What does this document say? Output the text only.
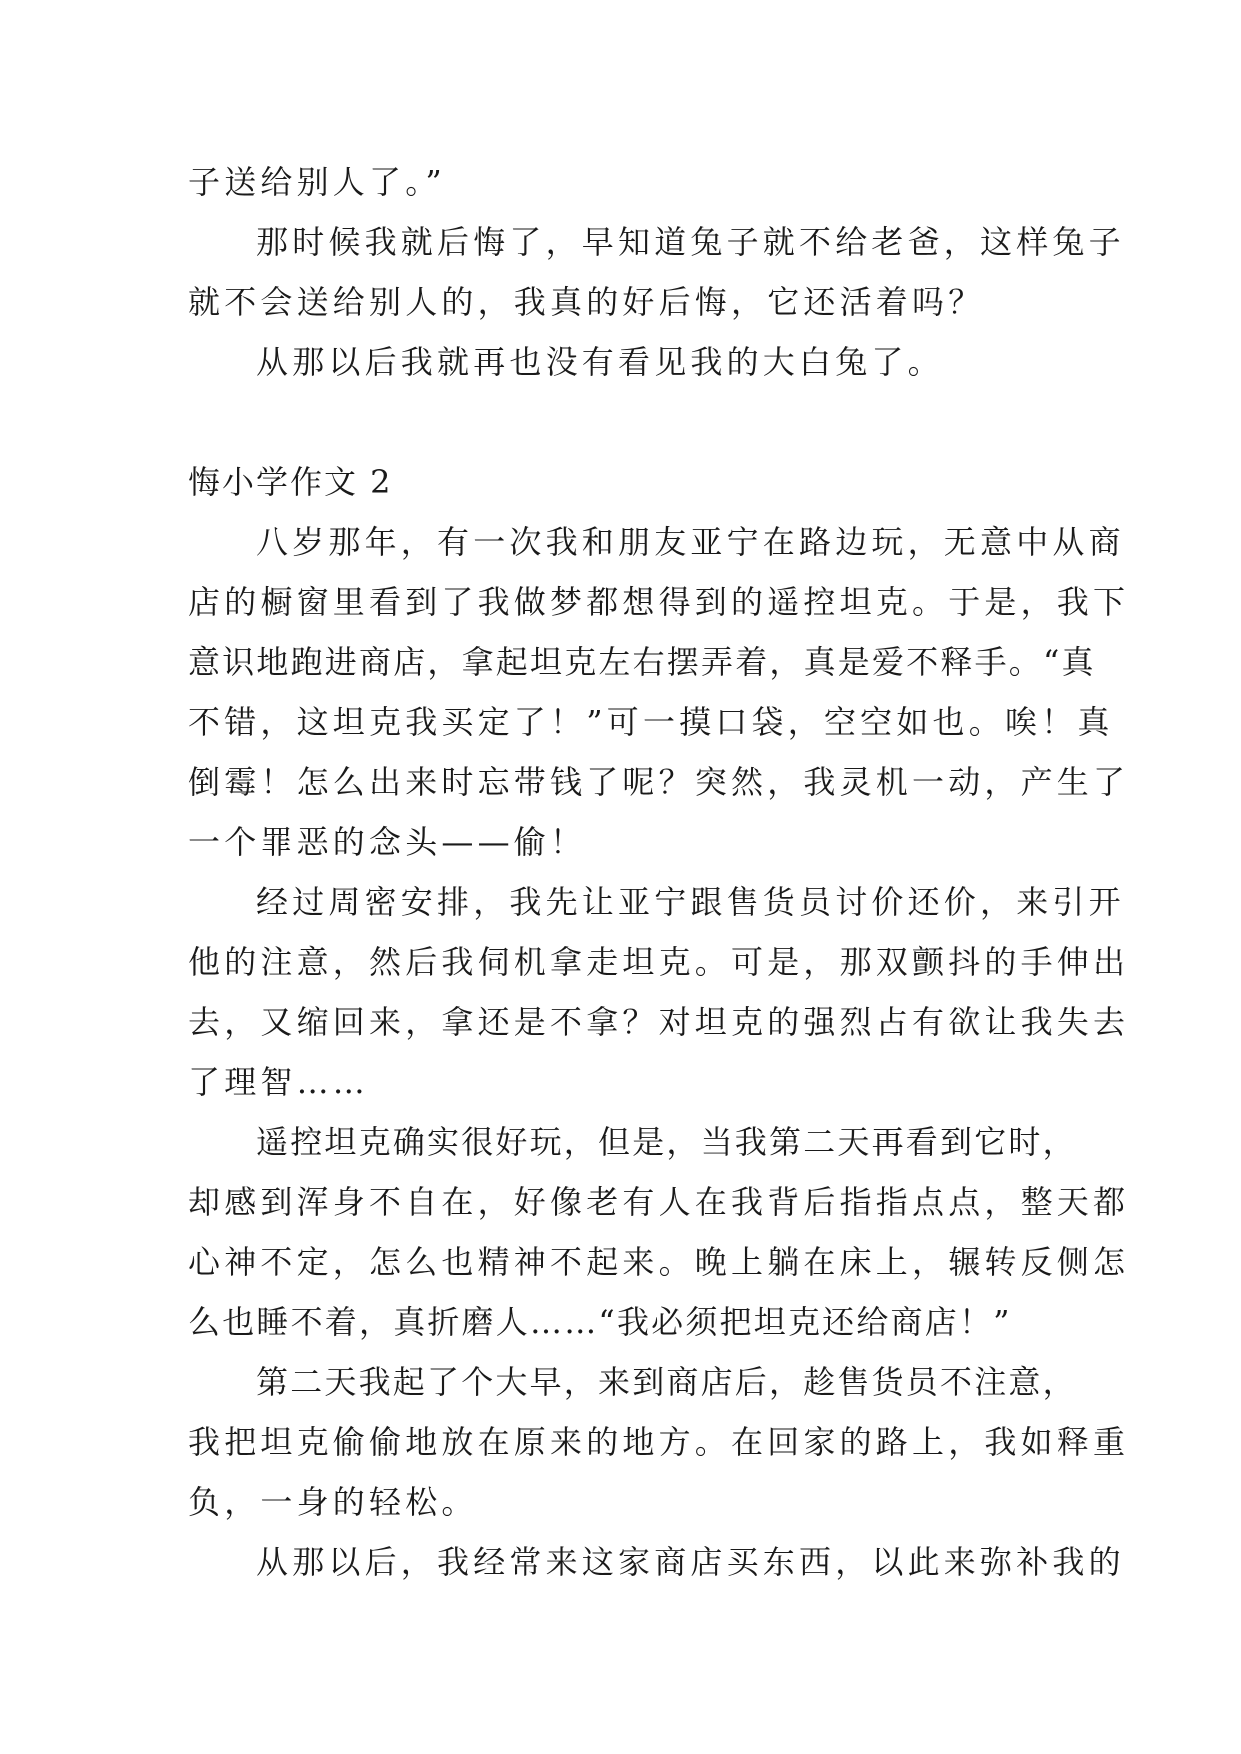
子送给别人了。”

那时候我就后悔了，早知道兔子就不给老爸，这样兔子

就不会送给别人的，我真的好后悔，它还活着吗？

从那以后我就再也没有看见我的大白兔了。

悔小学作文 2

八岁那年，有一次我和朋友亚宁在路边玩，无意中从商

店的橱窗里看到了我做梦都想得到的遥控坦克。于是，我下

意识地跑进商店，拿起坦克左右摆弄着，真是爱不释手。“真

不错，这坦克我买定了！”可一摸口袋，空空如也。唉！真

倒霉！怎么出来时忘带钱了呢？突然，我灵机一动，产生了

一个罪恶的念头——偷！

经过周密安排，我先让亚宁跟售货员讨价还价，来引开

他的注意，然后我伺机拿走坦克。可是，那双颤抖的手伸出

去，又缩回来，拿还是不拿？对坦克的强烈占有欲让我失去

了理智……

遥控坦克确实很好玩，但是，当我第二天再看到它时，

却感到浑身不自在，好像老有人在我背后指指点点，整天都

心神不定，怎么也精神不起来。晚上躺在床上，辗转反侧怎

么也睡不着，真折磨人……“我必须把坦克还给商店！”

第二天我起了个大早，来到商店后，趁售货员不注意，

我把坦克偷偷地放在原来的地方。在回家的路上，我如释重

负，一身的轻松。

从那以后，我经常来这家商店买东西，以此来弥补我的
